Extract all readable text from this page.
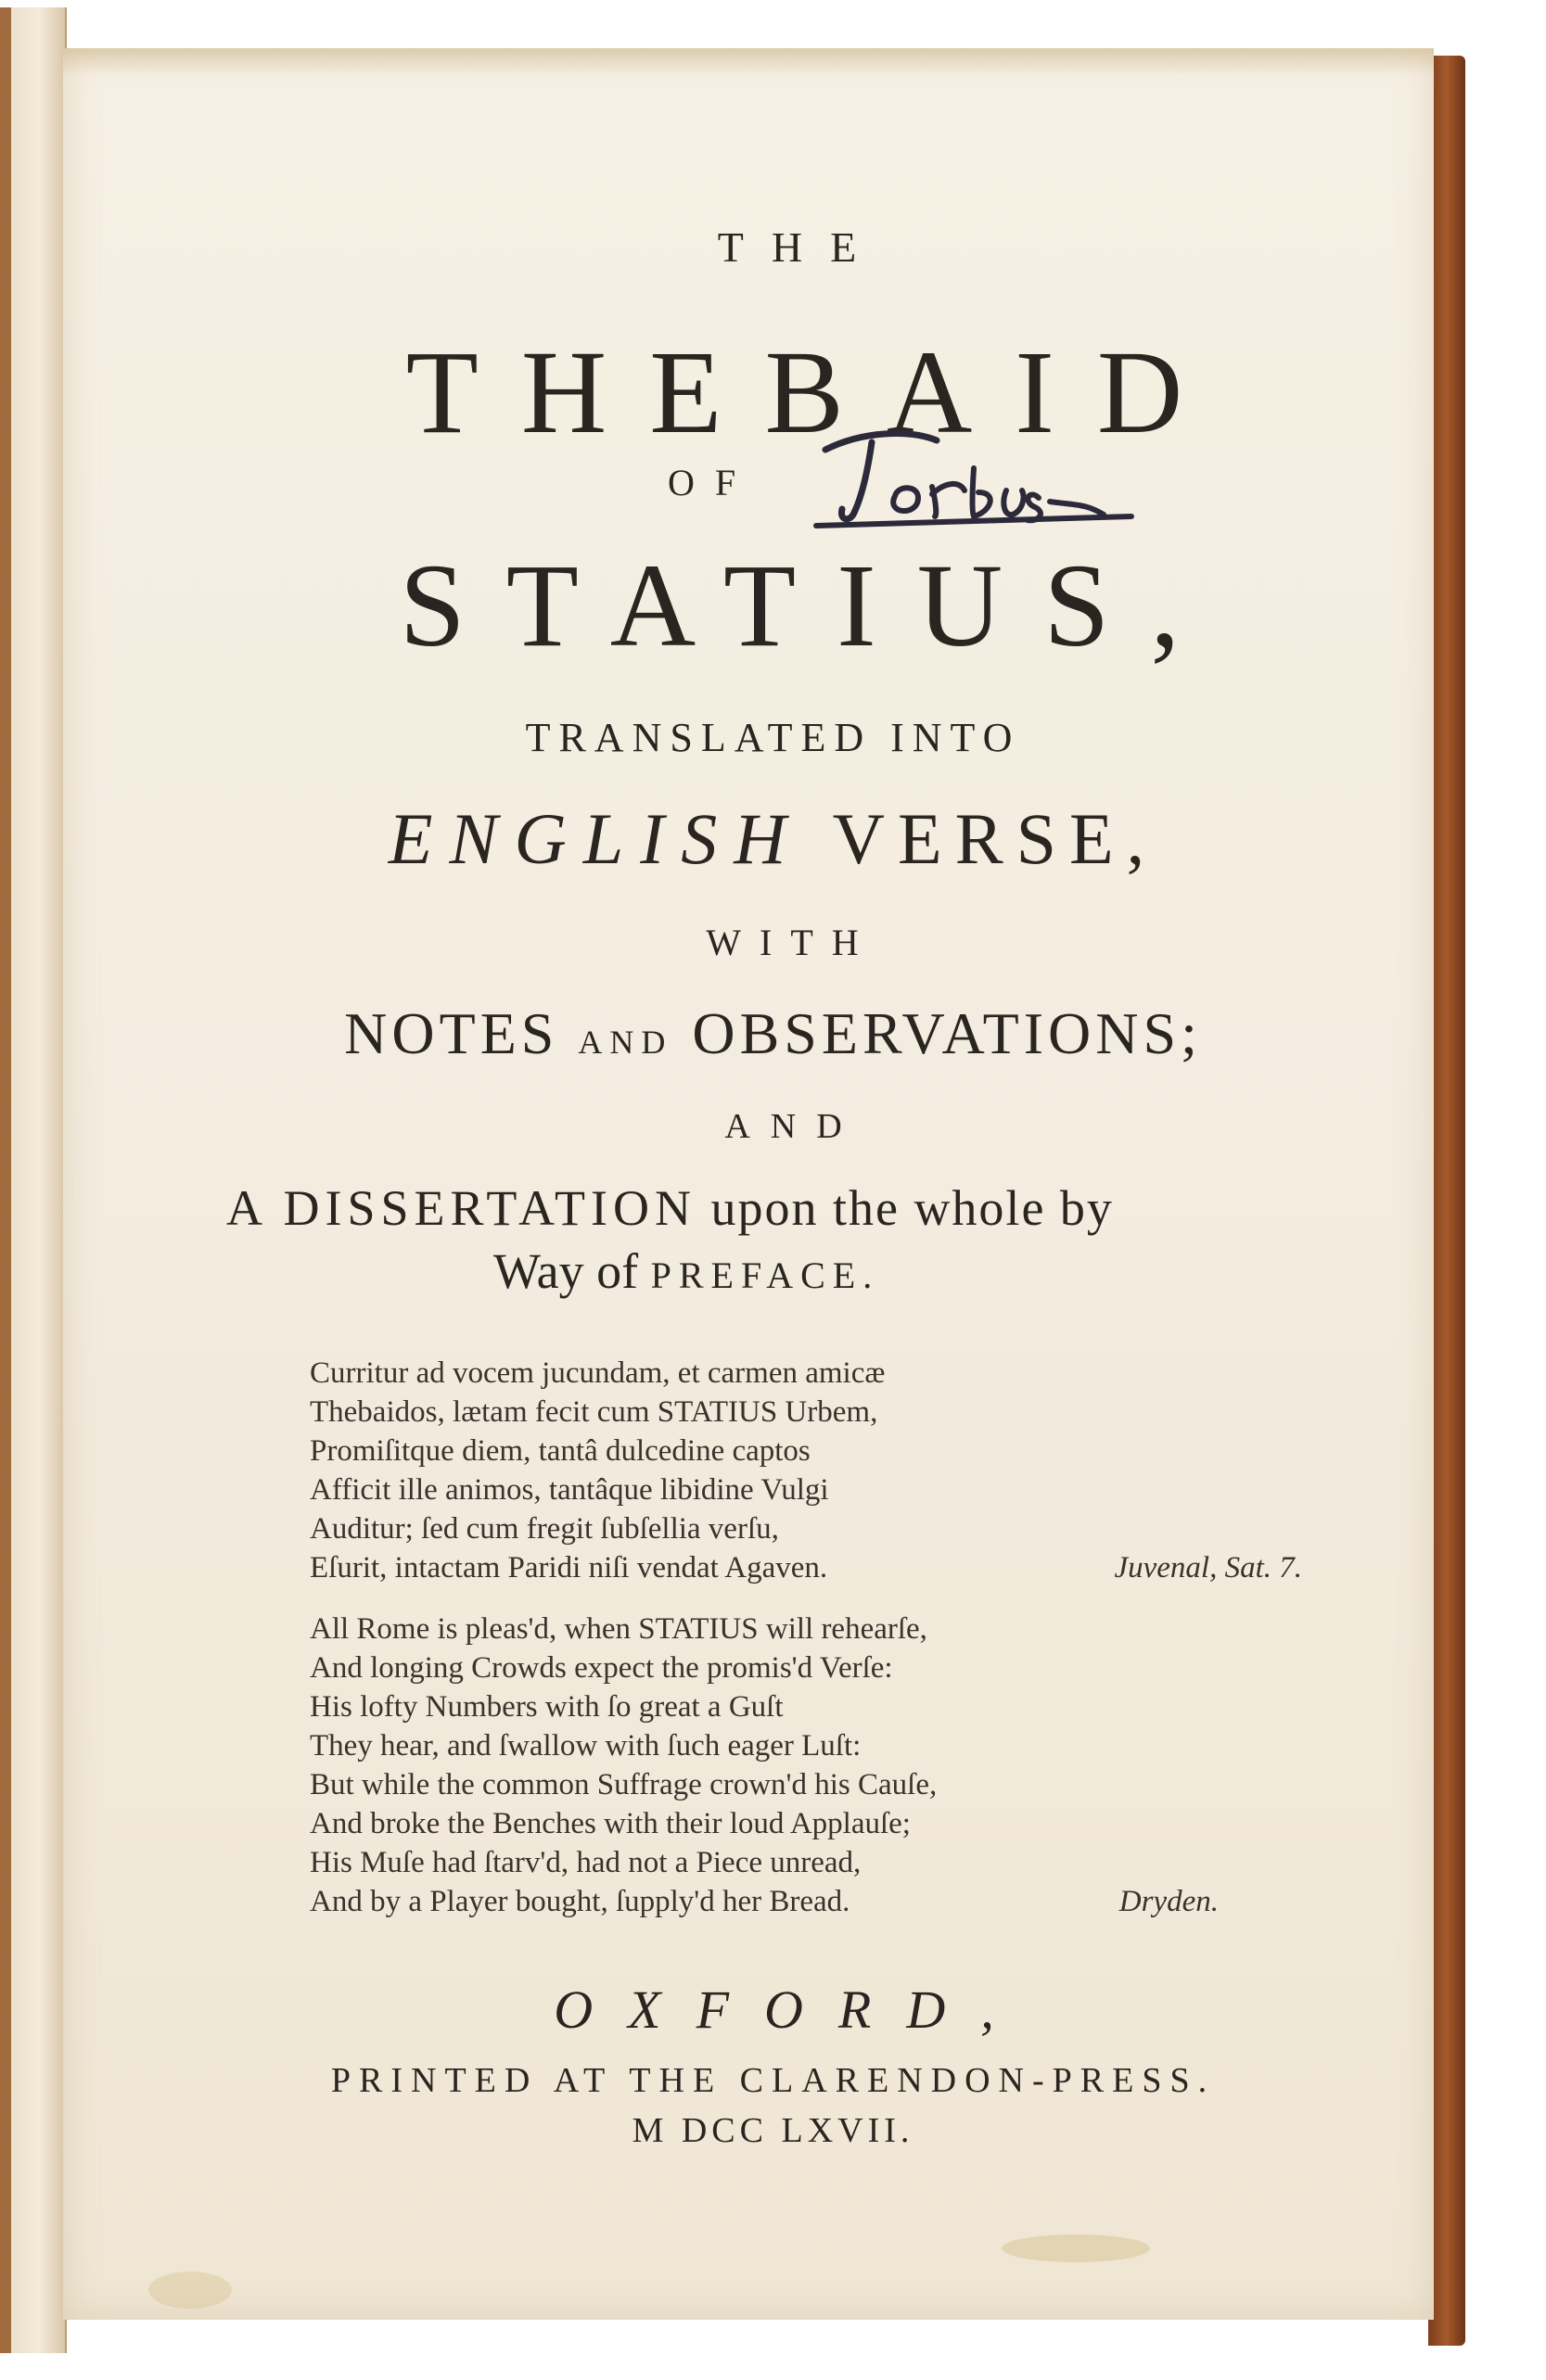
THE
THEBAID
OF
STATIUS,
TRANSLATED INTO
ENGLISH VERSE,
WITH
NOTES AND OBSERVATIONS;
AND
A DISSERTATION upon the whole by
Way of PREFACE.
Curritur ad vocem jucundam, et carmen amicæ
Thebaidos, lætam fecit cum STATIUS Urbem,
Promiſitque diem, tantâ dulcedine captos
Afficit ille animos, tantâque libidine Vulgi
Auditur; ſed cum fregit ſubſellia verſu,
Eſurit, intactam Paridi niſi vendat Agaven.	Juvenal, Sat. 7.
All Rome is pleas'd, when STATIUS will rehearſe,
And longing Crowds expect the promis'd Verſe:
His lofty Numbers with ſo great a Guſt
They hear, and ſwallow with ſuch eager Luſt:
But while the common Suffrage crown'd his Cauſe,
And broke the Benches with their loud Applauſe;
His Muſe had ſtarv'd, had not a Piece unread,
And by a Player bought, ſupply'd her Bread.	Dryden.
OXFORD,
PRINTED AT THE CLARENDON-PRESS.
M DCC LXVII.
